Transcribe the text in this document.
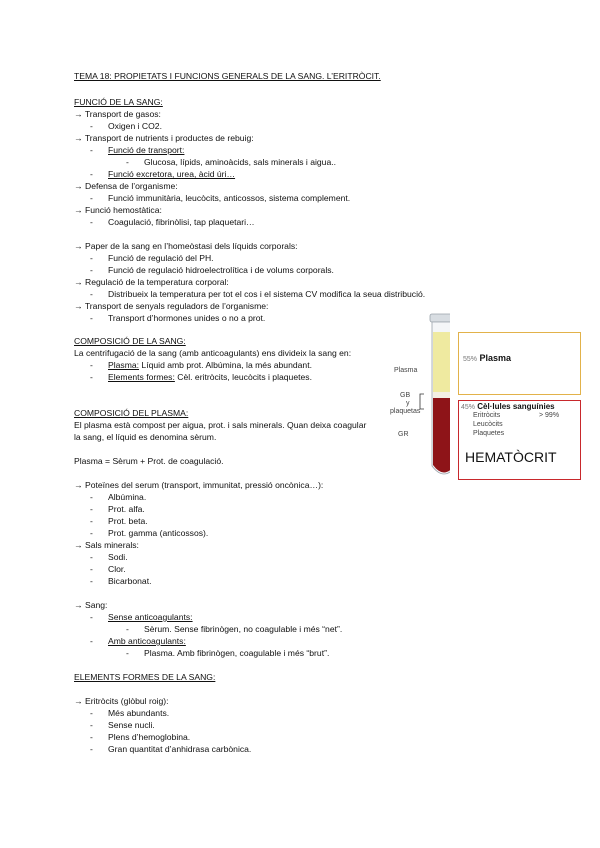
TEMA 18: PROPIETATS I FUNCIONS GENERALS DE LA SANG. L’ERITRÒCIT.
FUNCIÓ DE LA SANG:
→ Transport de gasos:
- Oxigen i CO2.
→ Transport de nutrients i productes de rebuig:
- Funció de transport:
- Glucosa, lípids, aminoàcids, sals minerals i aigua..
- Funció excretora, urea, àcid úri…
→ Defensa de l’organisme:
- Funció immunitària, leucòcits, anticossos, sistema complement.
→ Funció hemostàtica:
- Coagulació, fibrinòlisi, tap plaquetari…
→ Paper de la sang en l’homeòstasi dels líquids corporals:
- Funció de regulació del PH.
- Funció de regulació hidroelectrolítica i de volums corporals.
→ Regulació de la temperatura corporal:
- Distribueix la temperatura per tot el cos i el sistema CV modifica la seua distribució.
→ Transport de senyals reguladors de l’organisme:
- Transport d’hormones unides o no a prot.
COMPOSICIÓ DE LA SANG:
La centrifugació de la sang (amb anticoagulants) ens divideix la sang en:
- Plasma: Líquid amb prot. Albúmina, la més abundant.
- Elements formes: Cèl. eritròcits, leucòcits i plaquetes.
COMPOSICIÓ DEL PLASMA:
El plasma està compost per aigua, prot. i sals minerals. Quan deixa coagular
la sang, el líquid es denomina sèrum.
Plasma = Sèrum + Prot. de coagulació.
→ Poteïnes del serum (transport, immunitat, pressió oncònica…):
- Albúmina.
- Prot. alfa.
- Prot. beta.
- Prot. gamma (anticossos).
→ Sals minerals:
- Sodi.
- Clor.
- Bicarbonat.
→ Sang:
- Sense anticoagulants:
- Sèrum. Sense fibrinògen, no coagulable i més “net”.
- Amb anticoagulants:
- Plasma. Amb fibrinògen, coagulable i més “brut”.
ELEMENTS FORMES DE LA SANG:
→ Eritròcits (glòbul roig):
- Més abundants.
- Sense nucli.
- Plens d’hemoglobina.
- Gran quantitat d’anhidrasa carbònica.
Plasma
GB
y
plaquetas
GR
55% Plasma
45% Cèl·lules sanguínies
Eritròcits	> 99%
Leucòcits
Plaquetes
HEMATÒCRIT
